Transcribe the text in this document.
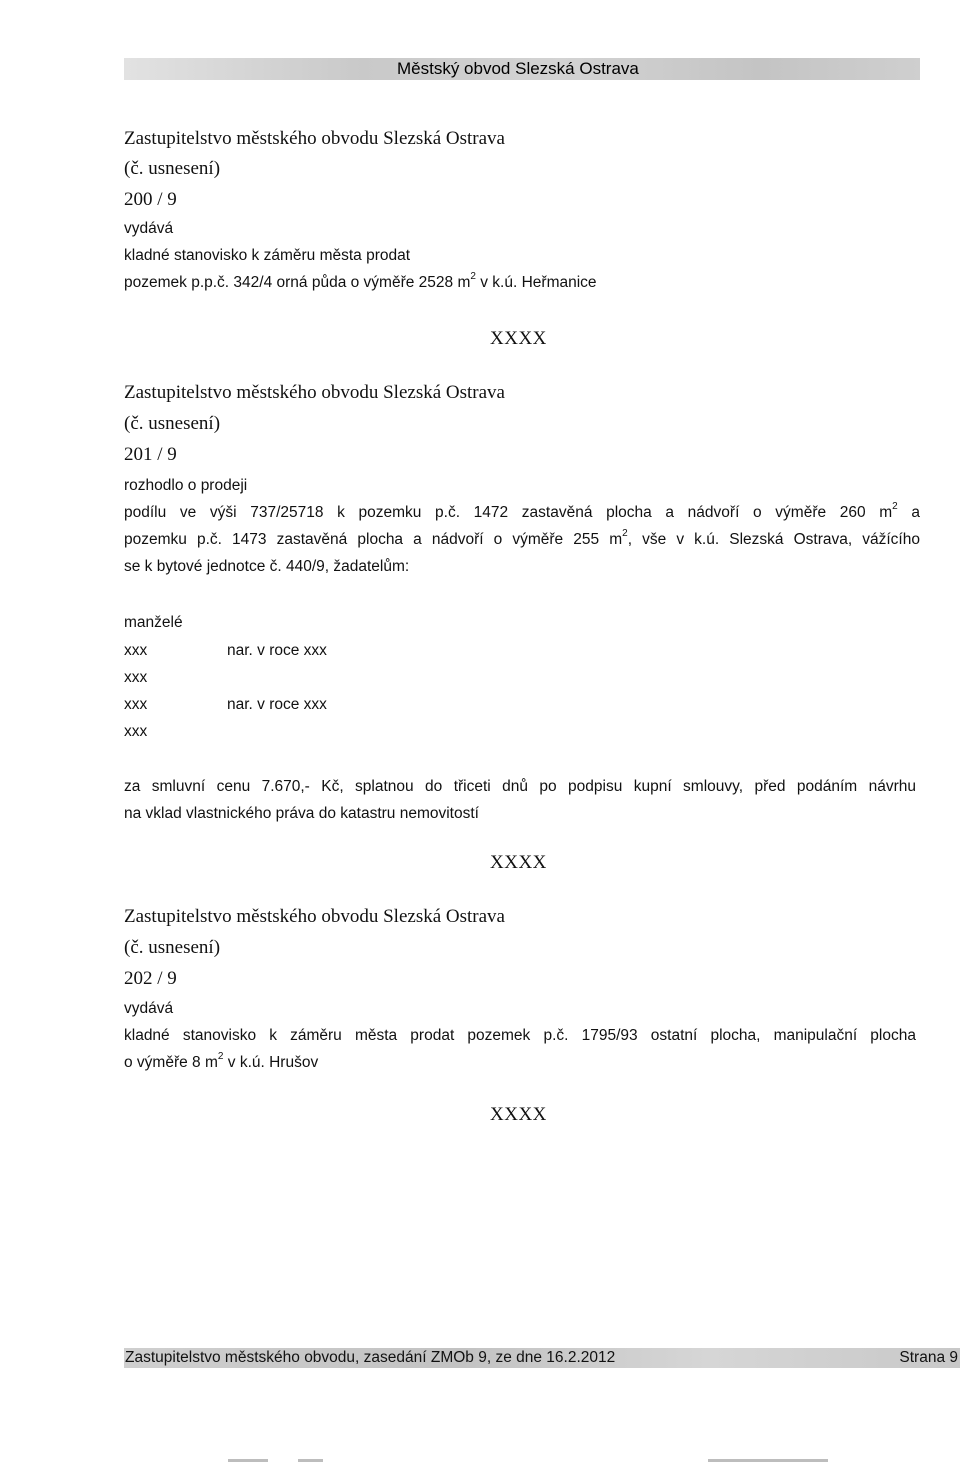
Městský obvod Slezská Ostrava
Zastupitelstvo městského obvodu Slezská Ostrava
(č. usnesení)
200 / 9
vydává
kladné stanovisko k záměru města prodat
pozemek p.p.č. 342/4 orná půda o výměře 2528 $m^2$ v k.ú. Heřmanice
XXXX
Zastupitelstvo městského obvodu Slezská Ostrava
(č. usnesení)
201 / 9
rozhodlo o prodeji
podílu ve výši 737/25718 k pozemku p.č. 1472 zastavěná plocha a nádvoří o výměře 260 $m^2$ a
pozemku p.č. 1473 zastavěná plocha a nádvoří o výměře 255 $m^2$, vše v k.ú. Slezská Ostrava, vážícího
se k bytové jednotce č. 440/9, žadatelům:
manželé
xxx	nar. v roce xxx
xxx
xxx	nar. v roce xxx
xxx
za smluvní cenu 7.670,- Kč, splatnou do třiceti dnů po podpisu kupní smlouvy, před podáním návrhu
na vklad vlastnického práva do katastru nemovitostí
XXXX
Zastupitelstvo městského obvodu Slezská Ostrava
(č. usnesení)
202 / 9
vydává
kladné stanovisko k záměru města prodat pozemek p.č. 1795/93 ostatní plocha, manipulační plocha
o výměře 8 $m^2$ v k.ú. Hrušov
XXXX
Zastupitelstvo městského obvodu, zasedání ZMOb 9, ze dne 16.2.2012	Strana 9
